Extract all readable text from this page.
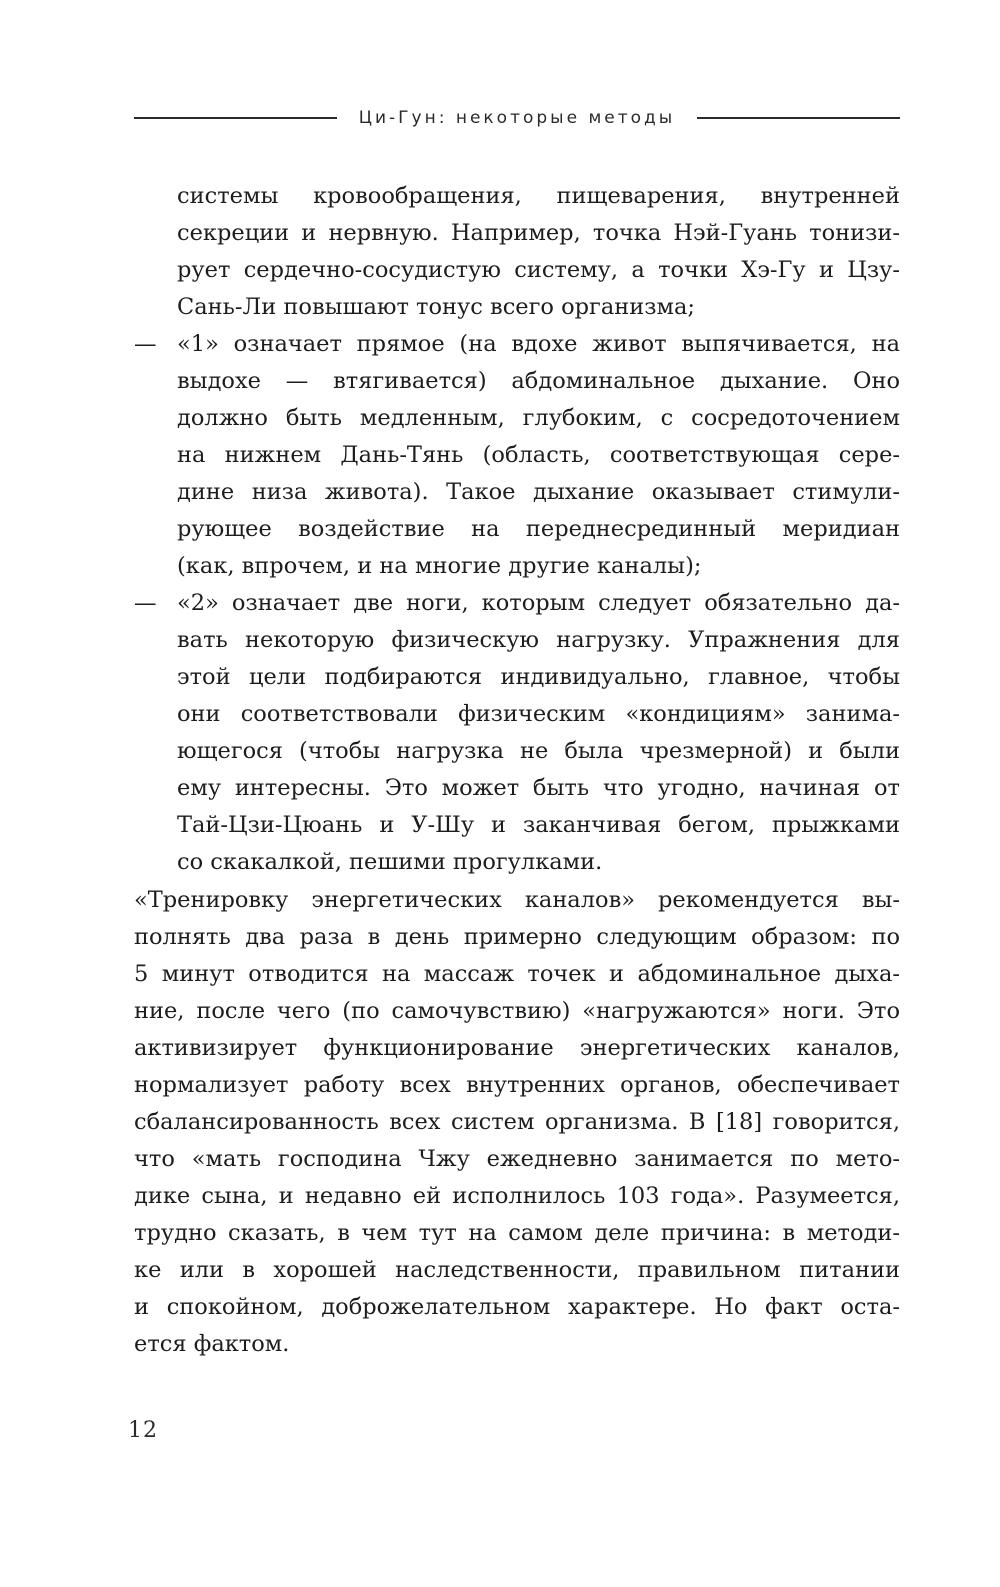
Ци-Гун: некоторые методы
системы кровообращения, пищеварения, внутренней
секреции и нервную. Например, точка Нэй-Гуань тонизи-
рует сердечно-сосудистую систему, а точки Хэ-Гу и Цзу-
Сань-Ли повышают тонус всего организма;
— «1» означает прямое (на вдохе живот выпячивается, на
выдохе — втягивается) абдоминальное дыхание. Оно
должно быть медленным, глубоким, с сосредоточением
на нижнем Дань-Тянь (область, соответствующая сере-
дине низа живота). Такое дыхание оказывает стимули-
рующее воздействие на переднесрединный меридиан
(как, впрочем, и на многие другие каналы);
— «2» означает две ноги, которым следует обязательно да-
вать некоторую физическую нагрузку. Упражнения для
этой цели подбираются индивидуально, главное, чтобы
они соответствовали физическим «кондициям» занима-
ющегося (чтобы нагрузка не была чрезмерной) и были
ему интересны. Это может быть что угодно, начиная от
Тай-Цзи-Цюань и У-Шу и заканчивая бегом, прыжками
со скакалкой, пешими прогулками.
«Тренировку энергетических каналов» рекомендуется вы-
полнять два раза в день примерно следующим образом: по
5 минут отводится на массаж точек и абдоминальное дыха-
ние, после чего (по самочувствию) «нагружаются» ноги. Это
активизирует функционирование энергетических каналов,
нормализует работу всех внутренних органов, обеспечивает
сбалансированность всех систем организма. В [18] говорится,
что «мать господина Чжу ежедневно занимается по мето-
дике сына, и недавно ей исполнилось 103 года». Разумеется,
трудно сказать, в чем тут на самом деле причина: в методи-
ке или в хорошей наследственности, правильном питании
и спокойном, доброжелательном характере. Но факт оста-
ется фактом.
12
